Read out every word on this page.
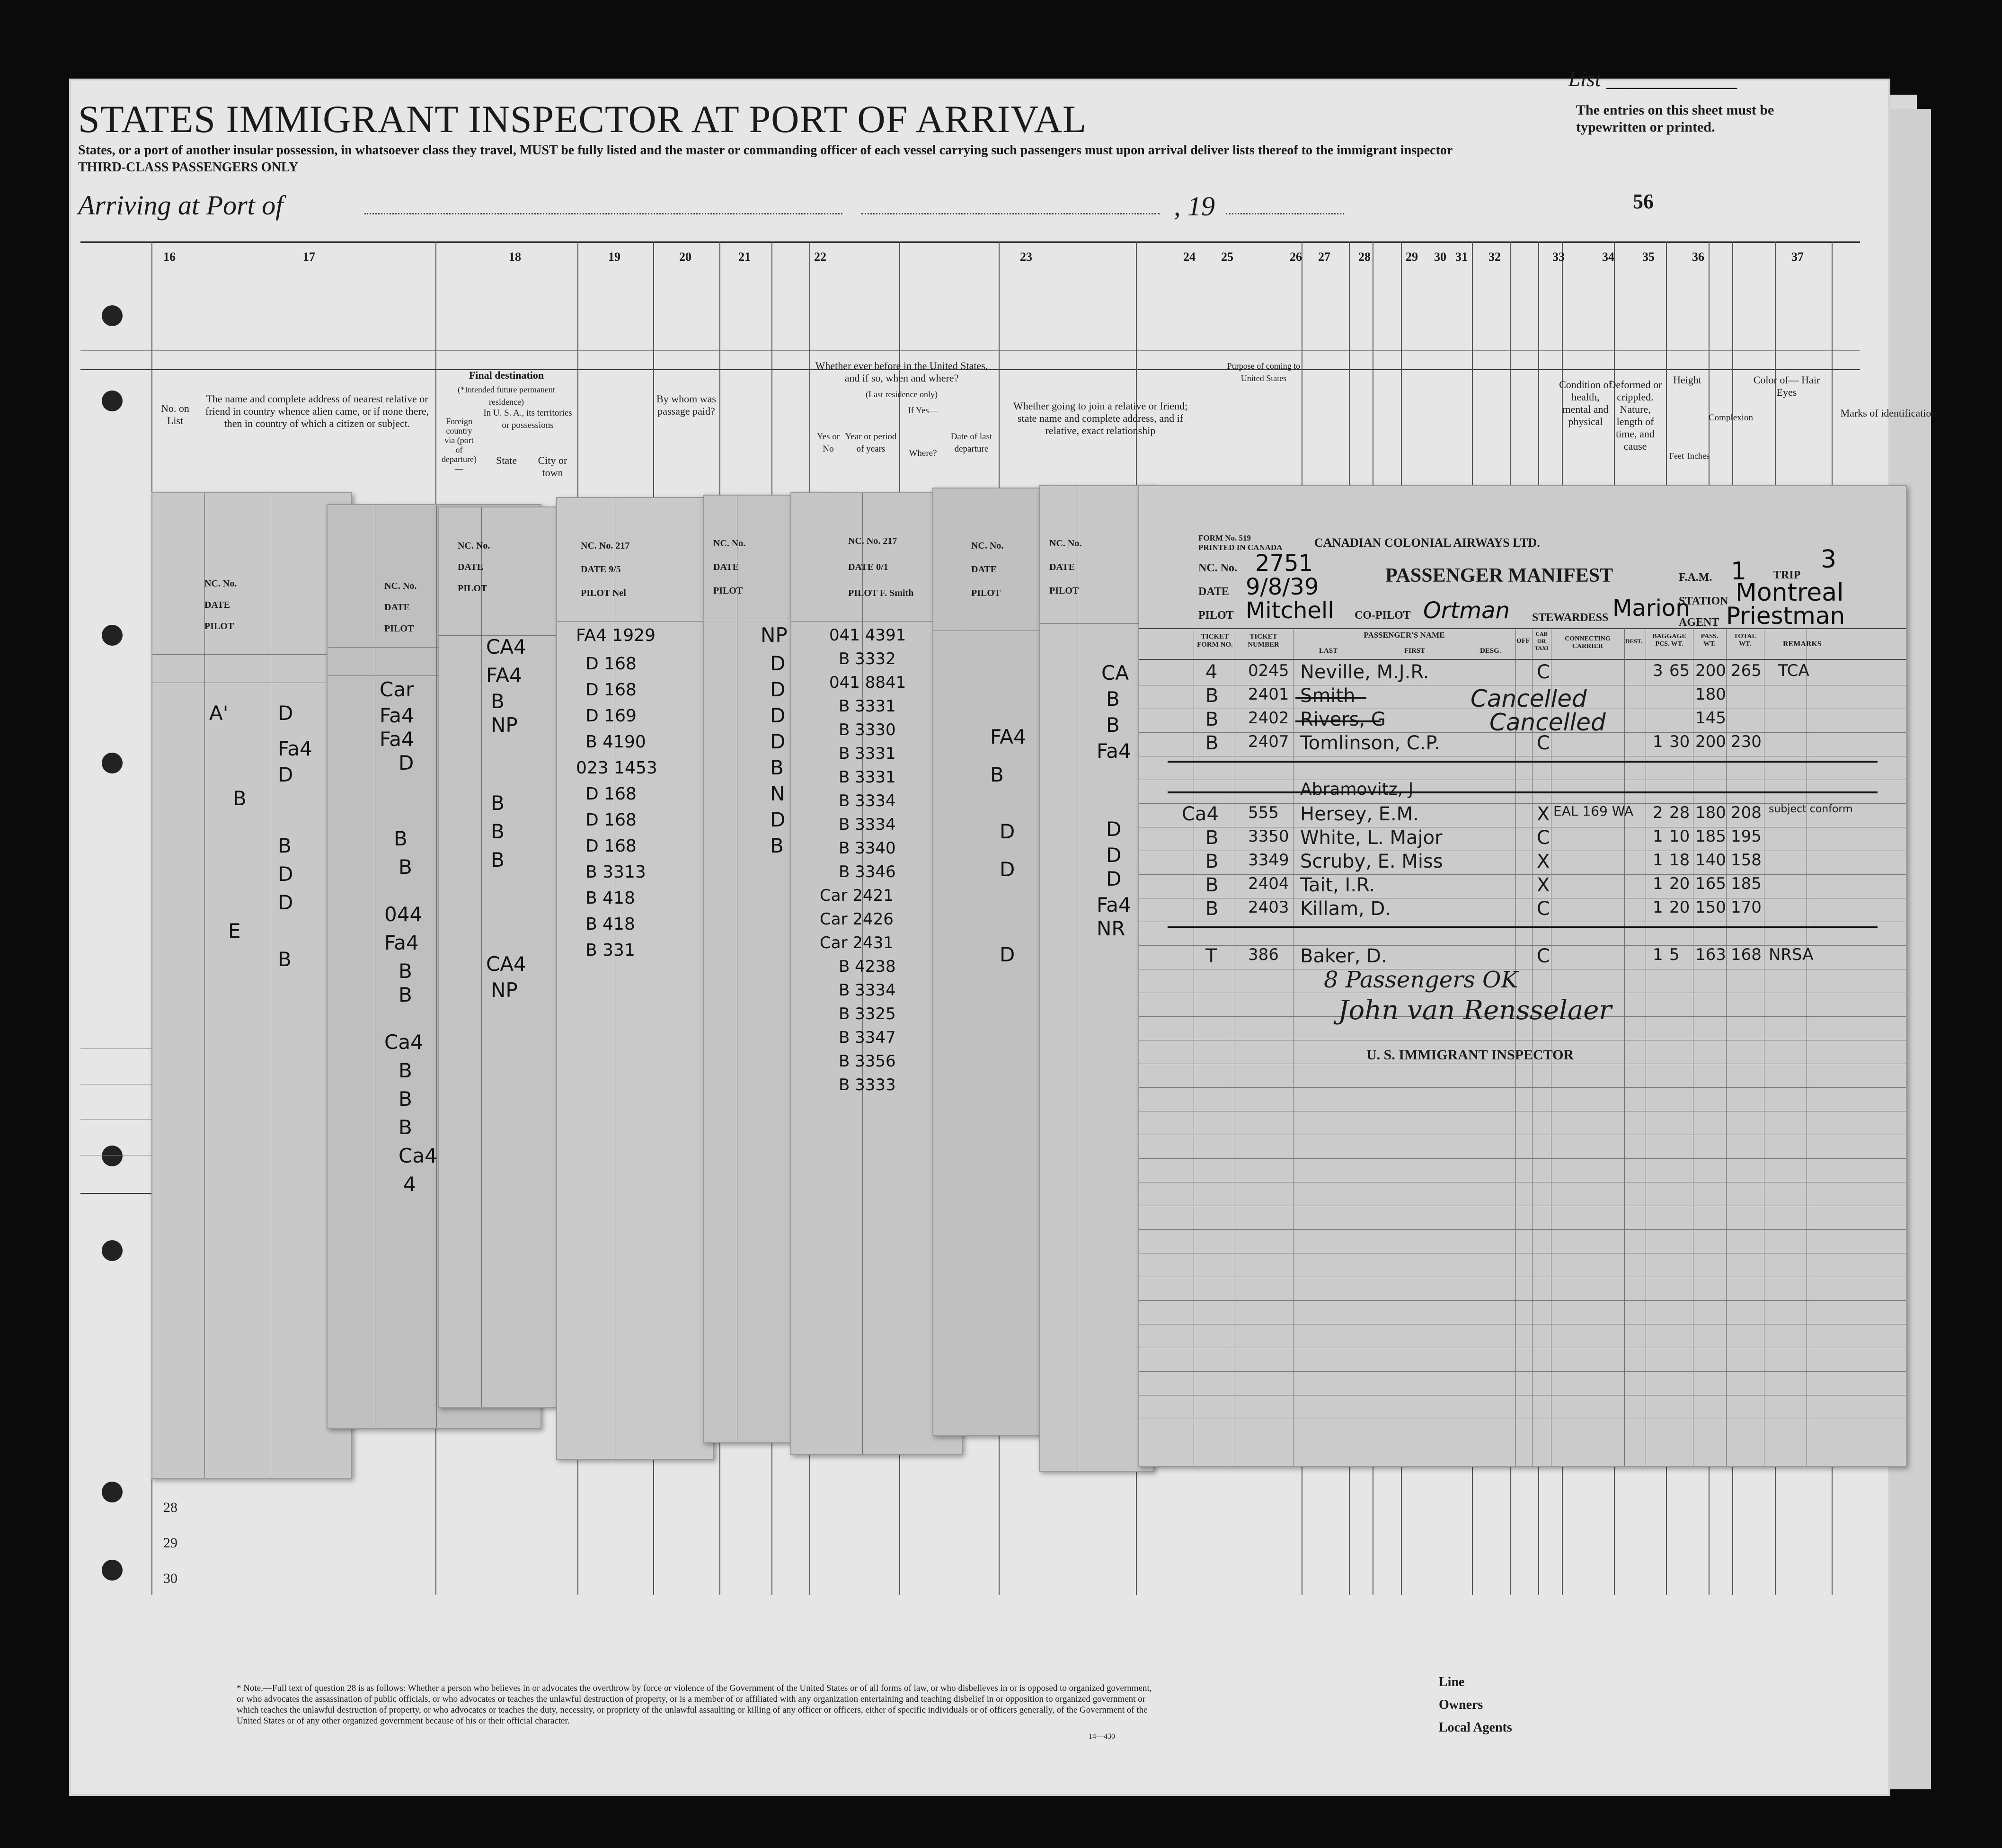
List ____________
STATES IMMIGRANT INSPECTOR AT PORT OF ARRIVAL	The entries on this sheet must be typewritten or printed.
States, or a port of another insular possession, in whatsoever class they travel, MUST be fully listed and the master or commanding officer of each vessel carrying such passengers must upon arrival deliver lists thereof to the immigrant inspector
THIRD-CLASS PASSENGERS ONLY
Arriving at Port of	, 19	56
16	17	18	19	20	21	22	23	24 25	26 27 28	29 30 31 32	33	34 35	36	37
No. on List
The name and complete address of nearest relative or friend in country whence alien came, or if none there, then in country of which a citizen or subject.
Final destination
(*Intended future permanent residence)
Foreign country via (port of departure)—
In U. S. A., its territories or possessions
State	City or town
By whom was passage paid?
Whether ever before in the United States, and if so, when and where?
(Last residence only)
If Yes—
Yes or No
Year or period of years	Where?
Date of last departure
Whether going to join a relative or friend; state name and complete address, and if relative, exact relationship
Purpose of coming to United States
Condition of health, mental and physical
Deformed or crippled. Nature, length of time, and cause
Height
Feet Inches
Complexion
Color of— Hair Eyes
Marks of identification
28
29
30
NC. No.
DATE
PILOT
A' D
Fa4
D
B
B
D
D
E
B
NC. No.
DATE
PILOT
Car
Fa4
Fa4
D
B
B
044
Fa4
B
B
Ca4
B
B
B
Ca4
4
NC. No.
DATE
PILOT
CA4
FA4
B
NP
B
B
B
CA4
NP
NC. No. 217
DATE 9/5
PILOT Nel
FA4 1929
D 168
D 168
D 169
B 4190
023 1453
D 168
D 168
D 168
B 3313
B 418
B 418
B 331
NC. No.
DATE
PILOT
NP
D
D
D
D
B
N
D
B
NC. No. 217
DATE 0/1
PILOT F. Smith
041 4391
B 3332
041 8841
B 3331
B 3330
B 3331
B 3331
B 3334
B 3334
B 3340
B 3346
Car 2421
Car 2426
Car 2431
B 4238
B 3334
B 3325
B 3347
B 3356
B 3333
NC. No.
DATE
PILOT
FA4
B
D
D
D
NC. No.
DATE
PILOT
CA
B
B
Fa4
D
D
D
Fa4
NR
FORM No. 519 PRINTED IN CANADA	CANADIAN COLONIAL AIRWAYS LTD.
PASSENGER MANIFEST
NC. No. 2751
DATE 9/8/39
PILOT Mitchell CO-PILOT Ortman STEWARDESS Marion
F.A.M. 1 TRIP
3
STATION Montreal
AGENT Priestman
TICKET FORM NO.
TICKET NUMBER
PASSENGER'S NAME
LAST	FIRST	DESG.
OFF
CAB OR TAXI
CONNECTING CARRIER
DEST.
BAGGAGE PCS. WT.
PASS. WT.
TOTAL WT.	REMARKS
4 0245 Neville, M.J.R.	C	3 65 200 265 TCA
B 2401 Smith	Cancelled	180
B 2402 Rivers, G	Cancelled	145
B 2407 Tomlinson, C.P.	C	1 30 200 230
Abramovitz, J
Ca4 555 Hersey, E.M.	X EAL 169 WA 2 28 180 208 subject conform
B 3350 White, L. Major	C	1 10 185 195
B 3349 Scruby, E. Miss	X	1 18 140 158
B 2404 Tait, I.R.	X	1 20 165 185
B 2403 Killam, D.	C	1 20 150 170
T 386 Baker, D.	C	1 5 163 168 NRSA
8 Passengers OK
John van Rensselaer
U. S. IMMIGRANT INSPECTOR
* Note.—Full text of question 28 is as follows: Whether a person who believes in or advocates the overthrow by force or violence of the Government of the United States or of all forms of law, or who disbelieves in or is opposed to organized government, or who advocates the assassination of public officials, or who advocates or teaches the unlawful destruction of property, or is a member of or affiliated with any organization entertaining and teaching disbelief in or opposition to organized government or which teaches the unlawful destruction of property, or who advocates or teaches the duty, necessity, or propriety of the unlawful assaulting or killing of any officer or officers, either of specific individuals or of officers generally, of the Government of the United States or of any other organized government because of his or their official character.
14—430
Line
Owners
Local Agents
